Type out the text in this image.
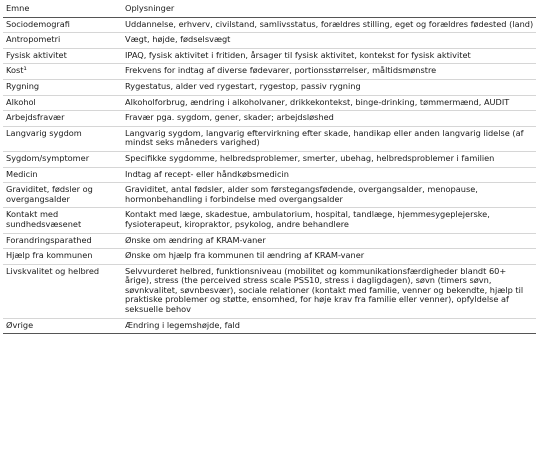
Emne	Oplysninger
Sociodemografi	Uddannelse, erhverv, civilstand, samlivsstatus, forældres stilling, eget og forældres fødested (land)
Antropometri	Vægt, højde, fødselsvægt
Fysisk aktivitet	IPAQ, fysisk aktivitet i fritiden, årsager til fysisk aktivitet, kontekst for fysisk aktivitet
Kost¹	Frekvens for indtag af diverse fødevarer, portionsstørrelser, måltidsmønstre
Rygning	Rygestatus, alder ved rygestart, rygestop, passiv rygning
Alkohol	Alkoholforbrug, ændring i alkoholvaner, drikkekontekst, binge-drinking, tømmermænd, AUDIT
Arbejdsfravær	Fravær pga. sygdom, gener, skader; arbejdsløshed
Langvarig sygdom	Langvarig sygdom, langvarig eftervirkning efter skade, handikap eller anden langvarig lidelse (af mindst seks måneders varighed)
Sygdom/symptomer	Specifikke sygdomme, helbredsproblemer, smerter, ubehag, helbredsproblemer i familien
Medicin	Indtag af recept- eller håndkøbsmedicin
Graviditet, fødsler og overgangsalder	Graviditet, antal fødsler, alder som førstegangsfødende, overgangsalder, menopause, hormonbehandling i forbindelse med overgangsalder
Kontakt med sundhedsvæsenet	Kontakt med læge, skadestue, ambulatorium, hospital, tandlæge, hjemmesygeplejerske, fysioterapeut, kiropraktor, psykolog, andre behandlere
Forandringsparathed	Ønske om ændring af KRAM-vaner
Hjælp fra kommunen	Ønske om hjælp fra kommunen til ændring af KRAM-vaner
Livskvalitet og helbred	Selvvurderet helbred, funktionsniveau (mobilitet og kommunikationsfærdigheder blandt 60+ årige), stress (the perceived stress scale PSS10, stress i dagligdagen), søvn (timers søvn, søvnkvalitet, søvnbesvær), sociale relationer (kontakt med familie, venner og bekendte, hjælp til praktiske problemer og støtte, ensomhed, for høje krav fra familie eller venner), opfyldelse af seksuelle behov
Øvrige	Ændring i legemshøjde, fald
